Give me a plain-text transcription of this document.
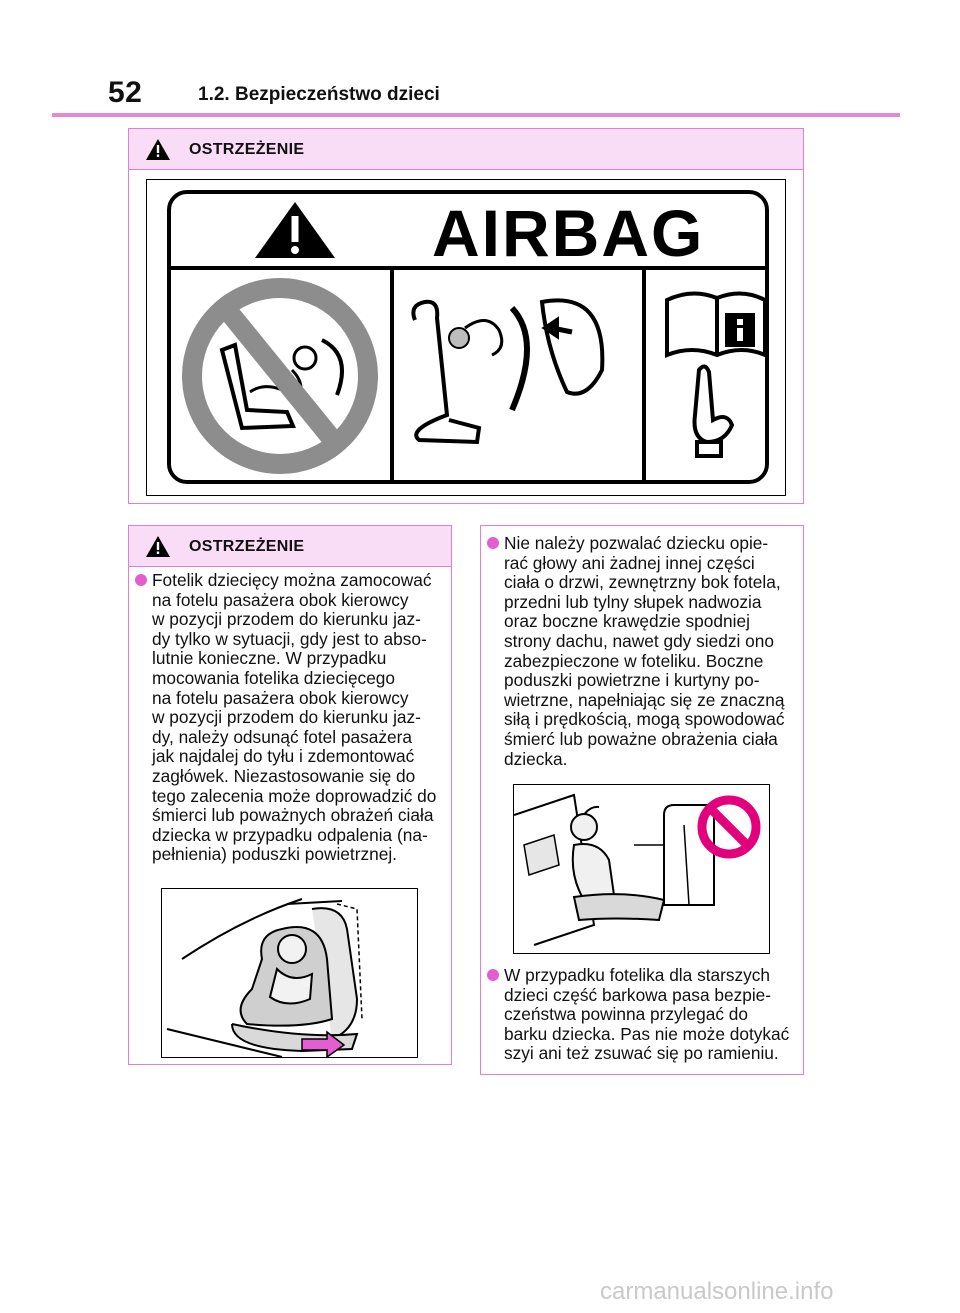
52	1.2. Bezpieczeństwo dzieci
OSTRZEŻENIE
AIRBAG
OSTRZEŻENIE
Fotelik dziecięcy można zamocować
na fotelu pasażera obok kierowcy
w pozycji przodem do kierunku jaz-
dy tylko w sytuacji, gdy jest to abso-
lutnie konieczne. W przypadku
mocowania fotelika dziecięcego
na fotelu pasażera obok kierowcy
w pozycji przodem do kierunku jaz-
dy, należy odsunąć fotel pasażera
jak najdalej do tyłu i zdemontować
zagłówek. Niezastosowanie się do
tego zalecenia może doprowadzić do
śmierci lub poważnych obrażeń ciała
dziecka w przypadku odpalenia (na-
pełnienia) poduszki powietrznej.
Nie należy pozwalać dziecku opie-
rać głowy ani żadnej innej części
ciała o drzwi, zewnętrzny bok fotela,
przedni lub tylny słupek nadwozia
oraz boczne krawędzie spodniej
strony dachu, nawet gdy siedzi ono
zabezpieczone w foteliku. Boczne
poduszki powietrzne i kurtyny po-
wietrzne, napełniając się ze znaczną
siłą i prędkością, mogą spowodować
śmierć lub poważne obrażenia ciała
dziecka.
W przypadku fotelika dla starszych
dzieci część barkowa pasa bezpie-
czeństwa powinna przylegać do
barku dziecka. Pas nie może dotykać
szyi ani też zsuwać się po ramieniu.
carmanualsonline.info
